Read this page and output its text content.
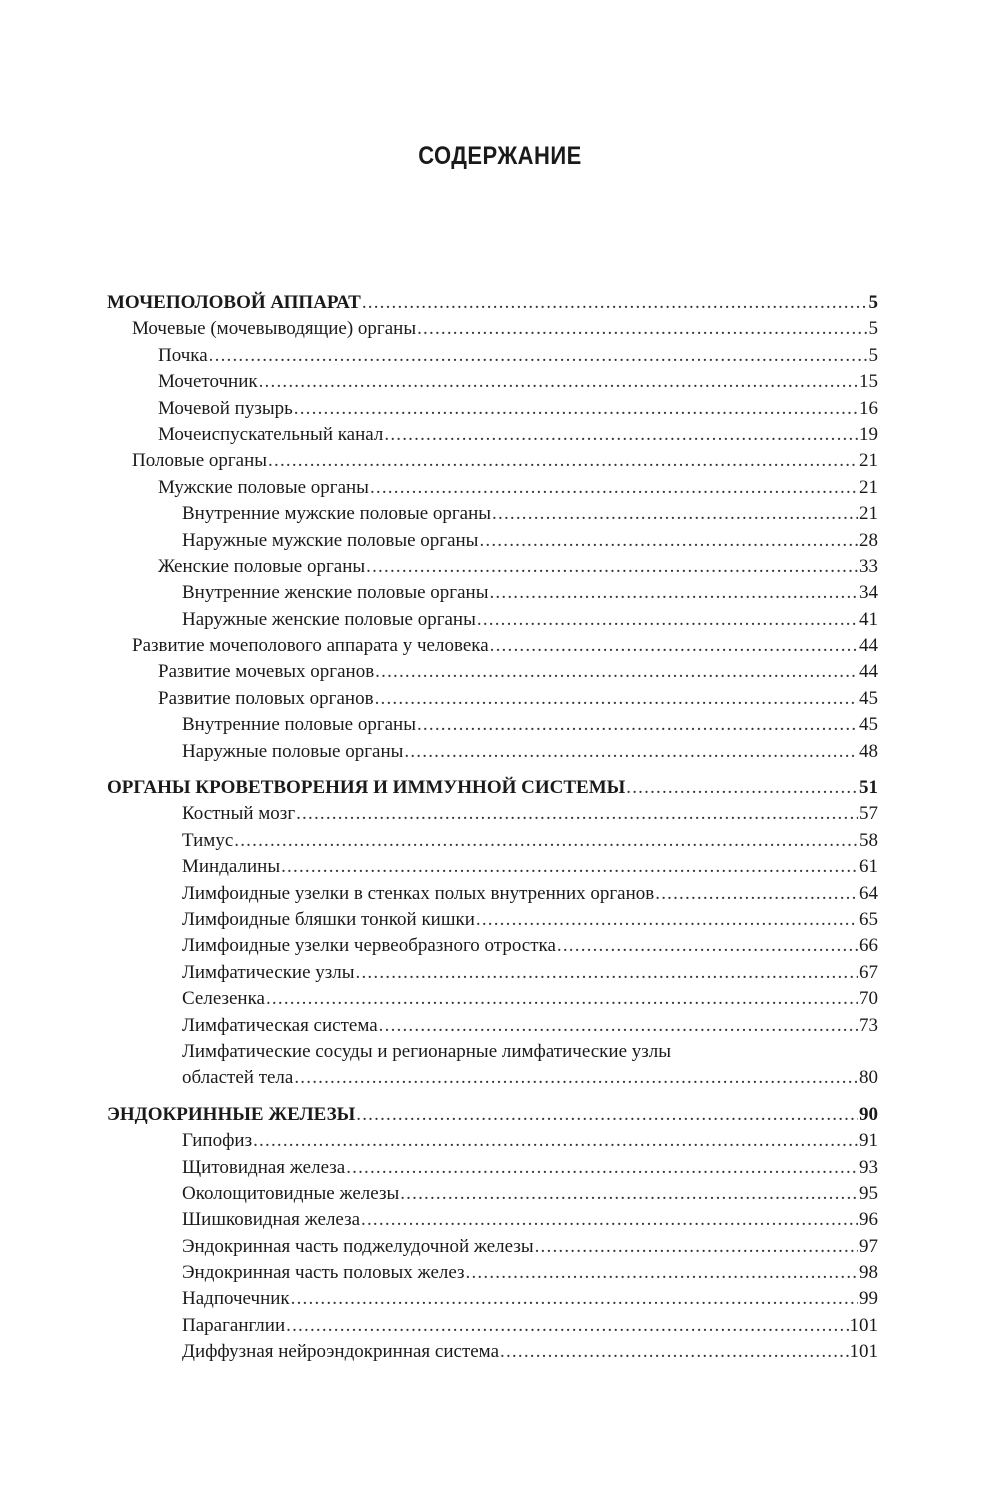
СОДЕРЖАНИЕ
МОЧЕПОЛОВОЙ АППАРАТ .....	5
Мочевые (мочевыводящие) органы .....	5
Почка .....	5
Мочеточник .....	15
Мочевой пузырь .....	16
Мочеиспускательный канал .....	19
Половые органы .....	21
Мужские половые органы .....	21
Внутренние мужские половые органы .....	21
Наружные мужские половые органы .....	28
Женские половые органы .....	33
Внутренние женские половые органы .....	34
Наружные женские половые органы .....	41
Развитие мочеполового аппарата у человека .....	44
Развитие мочевых органов .....	44
Развитие половых органов .....	45
Внутренние половые органы .....	45
Наружные половые органы .....	48
ОРГАНЫ КРОВЕТВОРЕНИЯ И ИММУННОЙ СИСТЕМЫ .....	51
Костный мозг .....	57
Тимус .....	58
Миндалины .....	61
Лимфоидные узелки в стенках полых внутренних органов .....	64
Лимфоидные бляшки тонкой кишки .....	65
Лимфоидные узелки червеобразного отростка .....	66
Лимфатические узлы .....	67
Селезенка .....	70
Лимфатическая система .....	73
Лимфатические сосуды и регионарные лимфатические узлы
областей тела .....	80
ЭНДОКРИННЫЕ ЖЕЛЕЗЫ .....	90
Гипофиз .....	91
Щитовидная железа .....	93
Околощитовидные железы .....	95
Шишковидная железа .....	96
Эндокринная часть поджелудочной железы .....	97
Эндокринная часть половых желез .....	98
Надпочечник .....	99
Параганглии .....	101
Диффузная нейроэндокринная система .....	101
